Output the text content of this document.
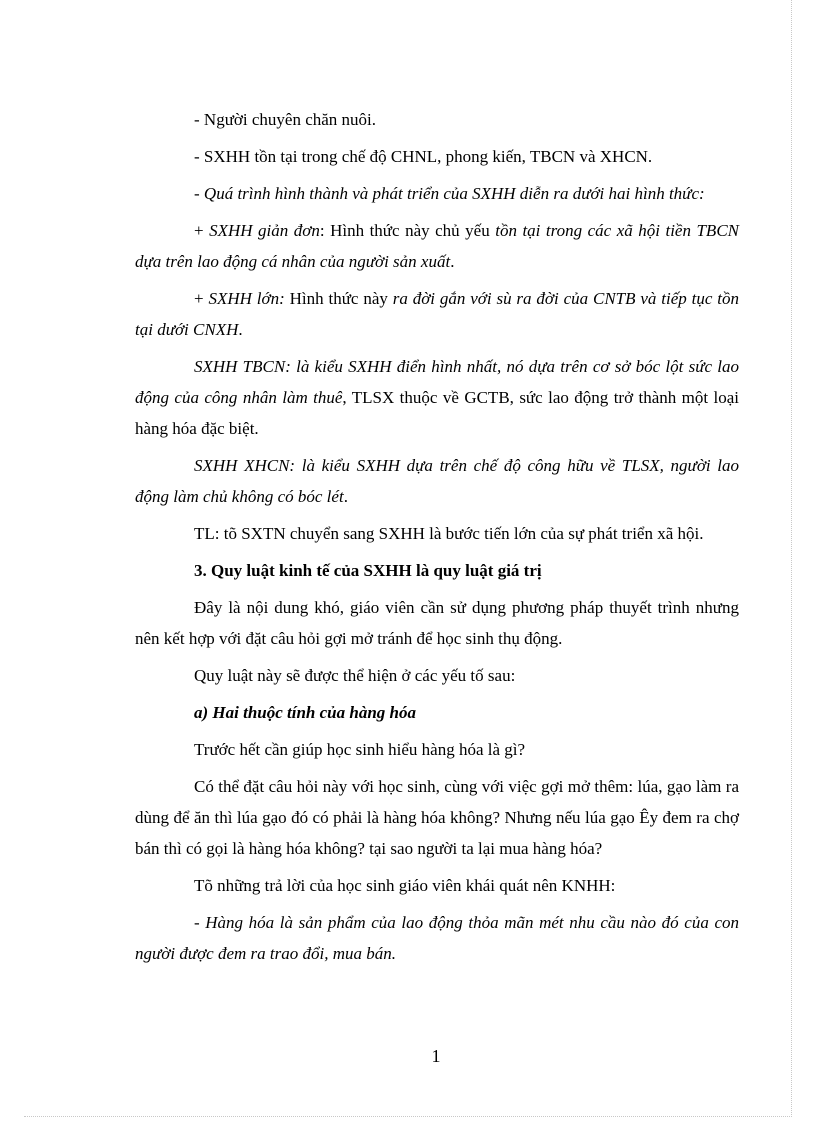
- Người chuyên chăn nuôi.

- SXHH tồn tại trong chế độ CHNL, phong kiến, TBCN và XHCN.

- Quá trình hình thành và phát triển của SXHH diễn ra dưới hai hình thức:

+ SXHH giản đơn: Hình thức này chủ yếu tồn tại trong các xã hội tiền TBCN dựa trên lao động cá nhân của người sản xuất.

+ SXHH lớn: Hình thức này ra đời gắn với sù ra đời của CNTB và tiếp tục tồn tại dưới CNXH.

SXHH TBCN: là kiểu SXHH điển hình nhất, nó dựa trên cơ sở bóc lột sức lao động của công nhân làm thuê, TLSX thuộc về GCTB, sức lao động trở thành một loại hàng hóa đặc biệt.

SXHH XHCN: là kiểu SXHH dựa trên chế độ công hữu về TLSX, người lao động làm chủ không có bóc lét.

TL: tõ SXTN chuyển sang SXHH là bước tiến lớn của sự phát triển xã hội.

3. Quy luật kinh tế của SXHH là quy luật giá trị

Đây là nội dung khó, giáo viên cần sử dụng phương pháp thuyết trình nhưng nên kết hợp với đặt câu hỏi gợi mở tránh để học sinh thụ động.

Quy luật này sẽ được thể hiện ở các yếu tố sau:

a) Hai thuộc tính của hàng hóa

Trước hết cần giúp học sinh hiểu hàng hóa là gì?

Có thể đặt câu hỏi này với học sinh, cùng với việc gợi mở thêm: lúa, gạo làm ra dùng để ăn thì lúa gạo đó có phải là hàng hóa không? Nhưng nếu lúa gạo Êy đem ra chợ bán thì có gọi là hàng hóa không? tại sao người ta lại mua hàng hóa?

Tõ những trả lời của học sinh giáo viên khái quát nên KNHH:

- Hàng hóa là sản phẩm của lao động thỏa mãn mét nhu cầu nào đó của con người được đem ra trao đổi, mua bán.

1
